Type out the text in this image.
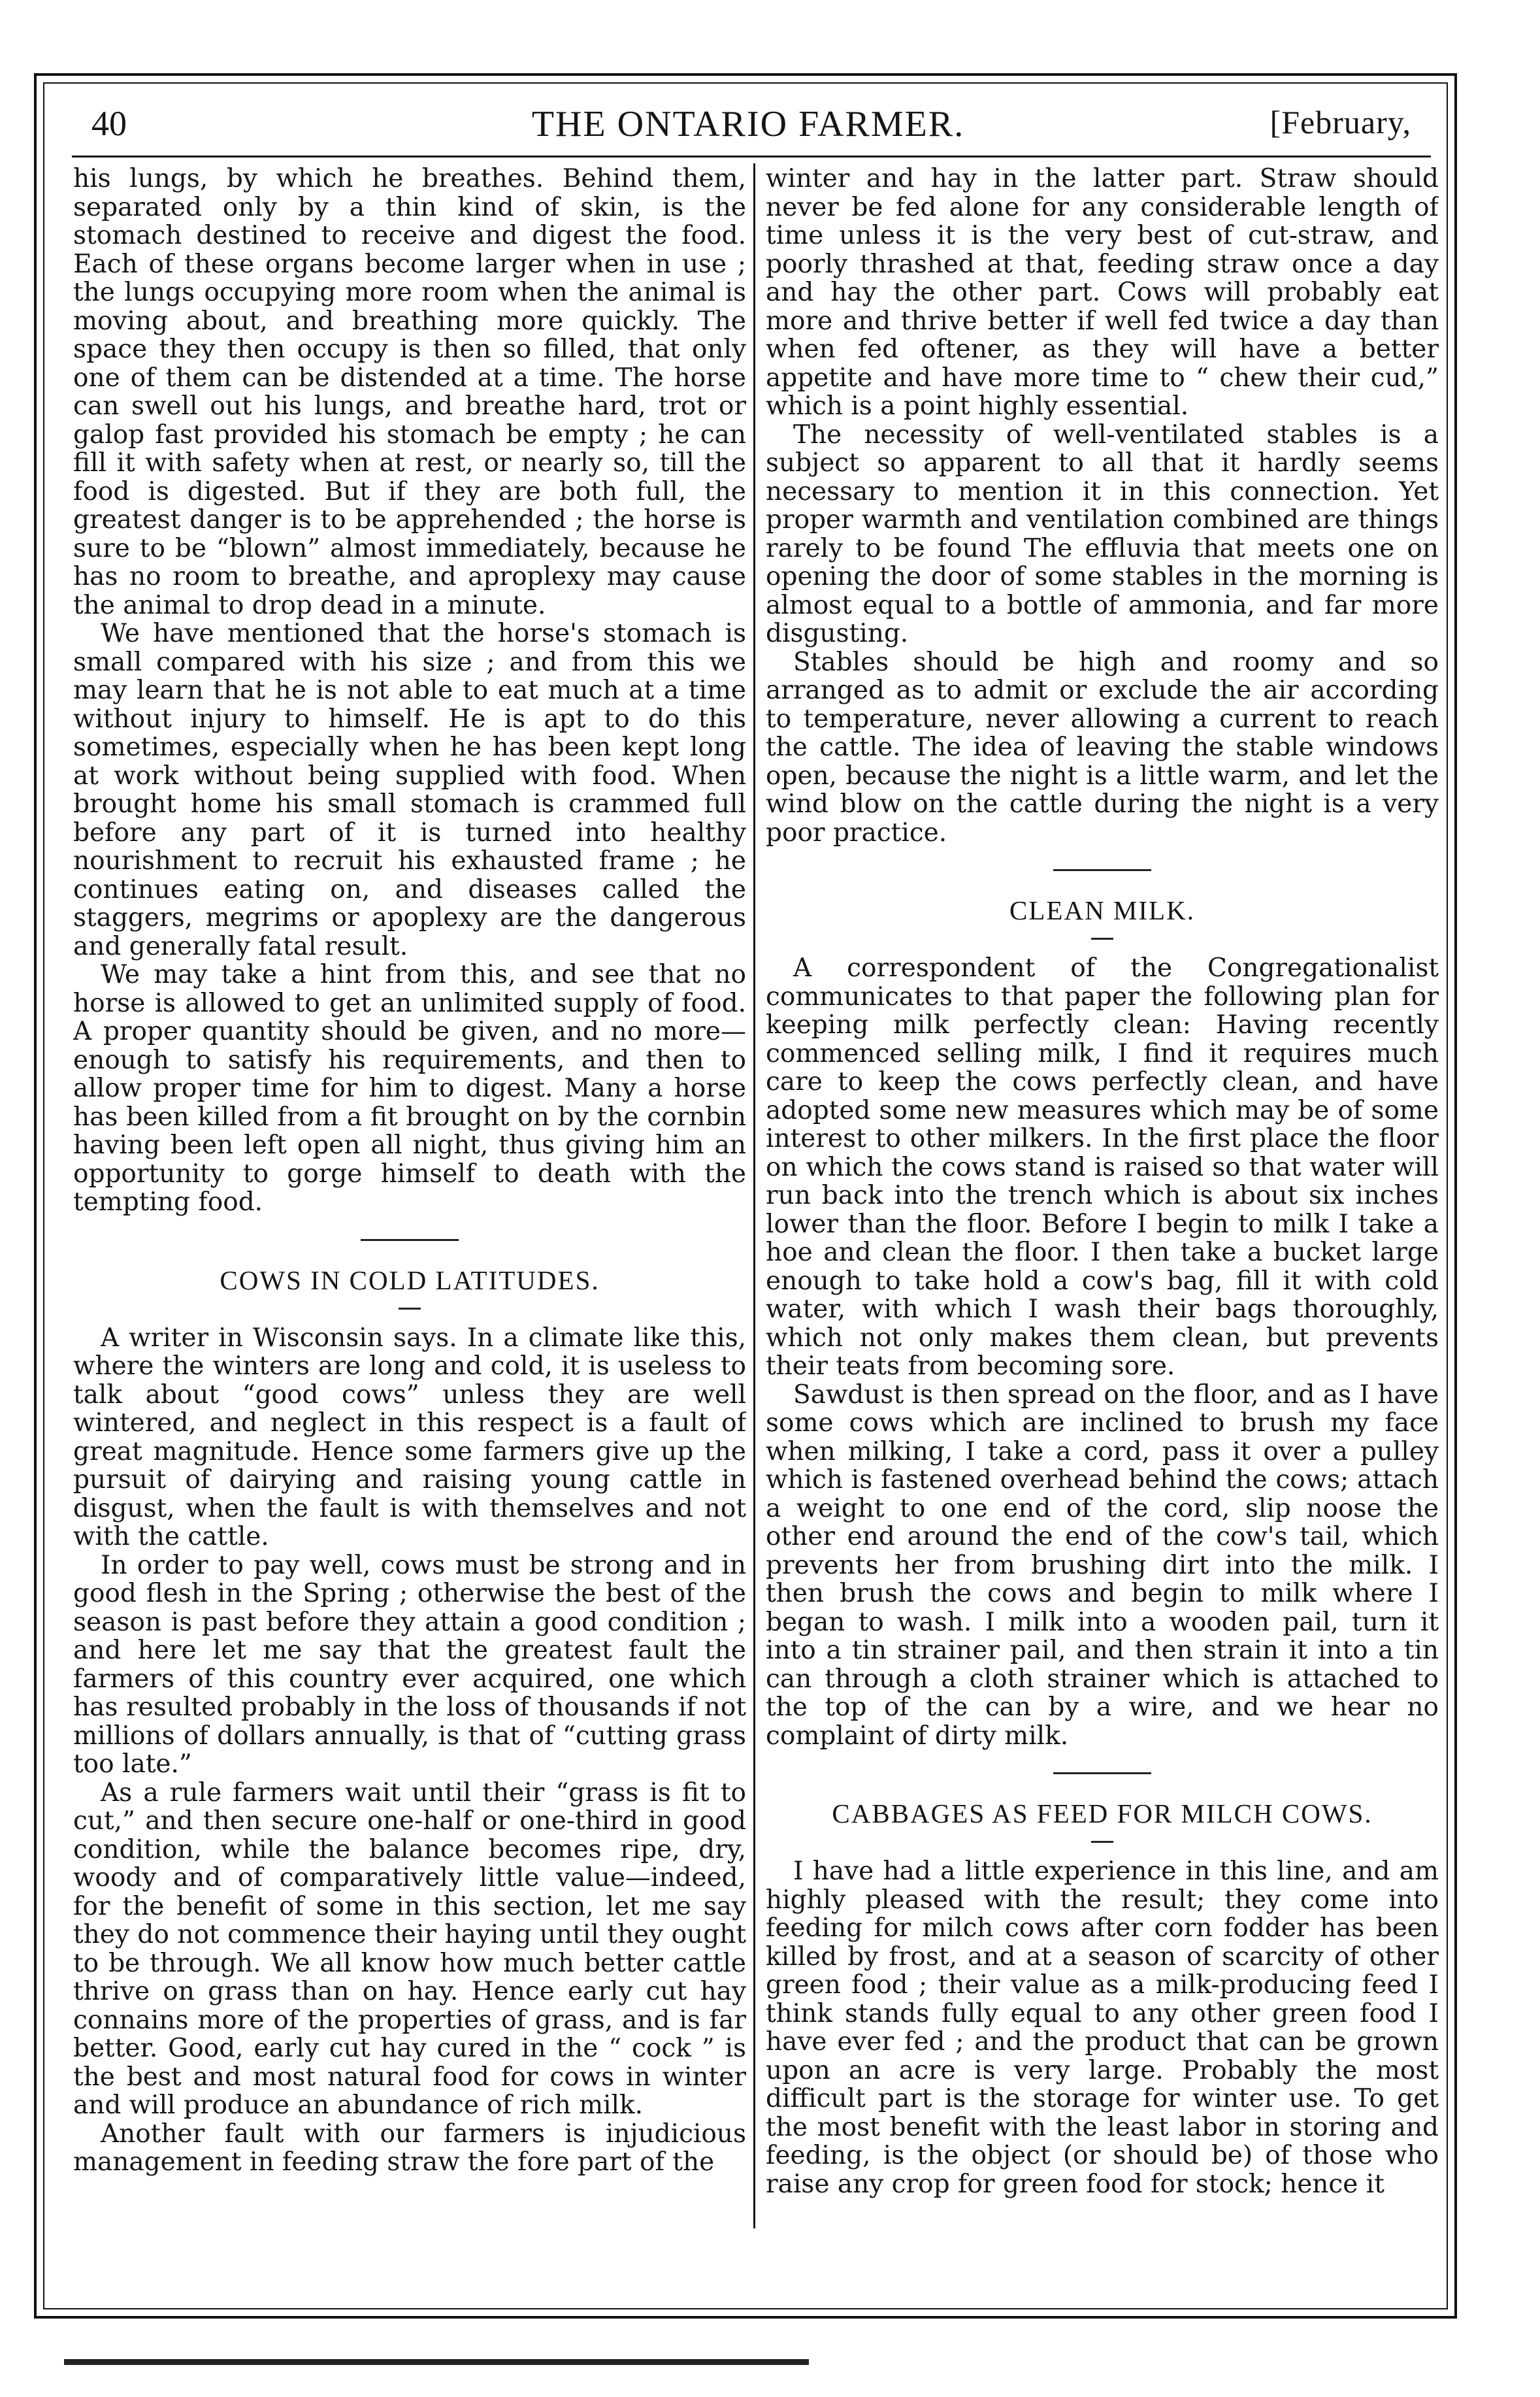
40	THE ONTARIO FARMER.	[February,

his lungs, by which he breathes. Behind them, separated only by a thin kind of skin, is the stomach destined to receive and digest the food. Each of these organs become larger when in use ; the lungs occupying more room when the animal is moving about, and breathing more quickly. The space they then occupy is then so filled, that only one of them can be distended at a time. The horse can swell out his lungs, and breathe hard, trot or galop fast provided his stomach be empty ; he can fill it with safety when at rest, or nearly so, till the food is digested. But if they are both full, the greatest danger is to be apprehended ; the horse is sure to be “blown” almost immediately, because he has no room to breathe, and aproplexy may cause the animal to drop dead in a minute.

We have mentioned that the horse's stomach is small compared with his size ; and from this we may learn that he is not able to eat much at a time without injury to himself. He is apt to do this sometimes, especially when he has been kept long at work without being supplied with food. When brought home his small stomach is crammed full before any part of it is turned into healthy nourishment to recruit his exhausted frame ; he continues eating on, and diseases called the staggers, megrims or apoplexy are the dangerous and generally fatal result.

We may take a hint from this, and see that no horse is allowed to get an unlimited supply of food. A proper quantity should be given, and no more—enough to satisfy his requirements, and then to allow proper time for him to digest. Many a horse has been killed from a fit brought on by the cornbin having been left open all night, thus giving him an opportunity to gorge himself to death with the tempting food.

COWS IN COLD LATITUDES.

A writer in Wisconsin says. In a climate like this, where the winters are long and cold, it is useless to talk about “good cows” unless they are well wintered, and neglect in this respect is a fault of great magnitude. Hence some farmers give up the pursuit of dairying and raising young cattle in disgust, when the fault is with themselves and not with the cattle.

In order to pay well, cows must be strong and in good flesh in the Spring ; otherwise the best of the season is past before they attain a good condition ; and here let me say that the greatest fault the farmers of this country ever acquired, one which has resulted probably in the loss of thousands if not millions of dollars annually, is that of “cutting grass too late.”

As a rule farmers wait until their “grass is fit to cut,” and then secure one-half or one-third in good condition, while the balance becomes ripe, dry, woody and of comparatively little value—indeed, for the benefit of some in this section, let me say they do not commence their haying until they ought to be through. We all know how much better cattle thrive on grass than on hay. Hence early cut hay connains more of the properties of grass, and is far better. Good, early cut hay cured in the “ cock ” is the best and most natural food for cows in winter and will produce an abundance of rich milk.

Another fault with our farmers is injudicious management in feeding straw the fore part of the

winter and hay in the latter part. Straw should never be fed alone for any considerable length of time unless it is the very best of cut-straw, and poorly thrashed at that, feeding straw once a day and hay the other part. Cows will probably eat more and thrive better if well fed twice a day than when fed oftener, as they will have a better appetite and have more time to “ chew their cud,” which is a point highly essential.

The necessity of well-ventilated stables is a subject so apparent to all that it hardly seems necessary to mention it in this connection. Yet proper warmth and ventilation combined are things rarely to be found The effluvia that meets one on opening the door of some stables in the morning is almost equal to a bottle of ammonia, and far more disgusting.

Stables should be high and roomy and so arranged as to admit or exclude the air according to temperature, never allowing a current to reach the cattle. The idea of leaving the stable windows open, because the night is a little warm, and let the wind blow on the cattle during the night is a very poor practice.

CLEAN MILK.

A correspondent of the Congregationalist communicates to that paper the following plan for keeping milk perfectly clean: Having recently commenced selling milk, I find it requires much care to keep the cows perfectly clean, and have adopted some new measures which may be of some interest to other milkers. In the first place the floor on which the cows stand is raised so that water will run back into the trench which is about six inches lower than the floor. Before I begin to milk I take a hoe and clean the floor. I then take a bucket large enough to take hold a cow's bag, fill it with cold water, with which I wash their bags thoroughly, which not only makes them clean, but prevents their teats from becoming sore.

Sawdust is then spread on the floor, and as I have some cows which are inclined to brush my face when milking, I take a cord, pass it over a pulley which is fastened overhead behind the cows; attach a weight to one end of the cord, slip noose the other end around the end of the cow's tail, which prevents her from brushing dirt into the milk. I then brush the cows and begin to milk where I began to wash. I milk into a wooden pail, turn it into a tin strainer pail, and then strain it into a tin can through a cloth strainer which is attached to the top of the can by a wire, and we hear no complaint of dirty milk.

CABBAGES AS FEED FOR MILCH COWS.

I have had a little experience in this line, and am highly pleased with the result; they come into feeding for milch cows after corn fodder has been killed by frost, and at a season of scarcity of other green food ; their value as a milk-producing feed I think stands fully equal to any other green food I have ever fed ; and the product that can be grown upon an acre is very large. Probably the most difficult part is the storage for winter use. To get the most benefit with the least labor in storing and feeding, is the object (or should be) of those who raise any crop for green food for stock; hence it
